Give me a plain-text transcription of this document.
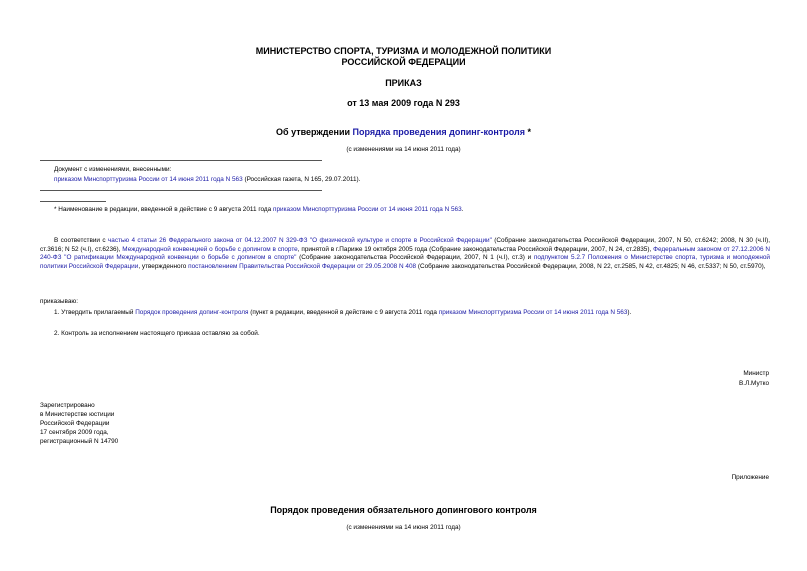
МИНИСТЕРСТВО СПОРТА, ТУРИЗМА И МОЛОДЕЖНОЙ ПОЛИТИКИ
РОССИЙСКОЙ ФЕДЕРАЦИИ
ПРИКАЗ
от 13 мая 2009 года N 293
Об утверждении Порядка проведения допинг-контроля *
(с изменениями на 14 июня 2011 года)
Документ с изменениями, внесенными:
приказом Минспорттуризма России от 14 июня 2011 года N 563 (Российская газета, N 165, 29.07.2011).
* Наименование в редакции, введенной в действие с 9 августа 2011 года приказом Минспорттуризма России от 14 июня 2011 года N 563.
В соответствии с частью 4 статьи 26 Федерального закона от 04.12.2007 N 329-ФЗ "О физической культуре и спорте в Российской Федерации" (Собрание законодательства Российской Федерации, 2007, N 50, ст.6242; 2008, N 30 (ч.II), ст.3616; N 52 (ч.I), ст.6236), Международной конвенцией о борьбе с допингом в спорте, принятой в г.Париже 19 октября 2005 года (Собрание законодательства Российской Федерации, 2007, N 24, ст.2835), Федеральным законом от 27.12.2006 N 240-ФЗ "О ратификации Международной конвенции о борьбе с допингом в спорте" (Собрание законодательства Российской Федерации, 2007, N 1 (ч.I), ст.3) и подпунктом 5.2.7 Положения о Министерстве спорта, туризма и молодежной политики Российской Федерации, утвержденного постановлением Правительства Российской Федерации от 29.05.2008 N 408 (Собрание законодательства Российской Федерации, 2008, N 22, ст.2585, N 42, ст.4825; N 46, ст.5337; N 50, ст.5970),
приказываю:
1. Утвердить прилагаемый Порядок проведения допинг-контроля (пункт в редакции, введенной в действие с 9 августа 2011 года приказом Минспорттуризма России от 14 июня 2011 года N 563).
2. Контроль за исполнением настоящего приказа оставляю за собой.
Министр
В.Л.Мутко
Зарегистрировано
в Министерстве юстиции
Российской Федерации
17 сентября 2009 года,
регистрационный N 14790
Приложение
Порядок проведения обязательного допингового контроля
(с изменениями на 14 июня 2011 года)
